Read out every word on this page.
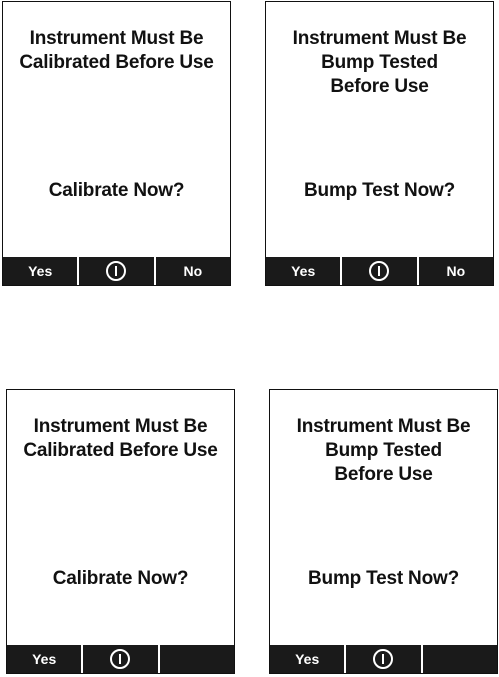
Instrument Must Be
Calibrated Before Use
Calibrate Now?
Yes	No
Instrument Must Be
Bump Tested
Before Use
Bump Test Now?
Yes	No
Instrument Must Be
Calibrated Before Use
Calibrate Now?
Yes
Instrument Must Be
Bump Tested
Before Use
Bump Test Now?
Yes
